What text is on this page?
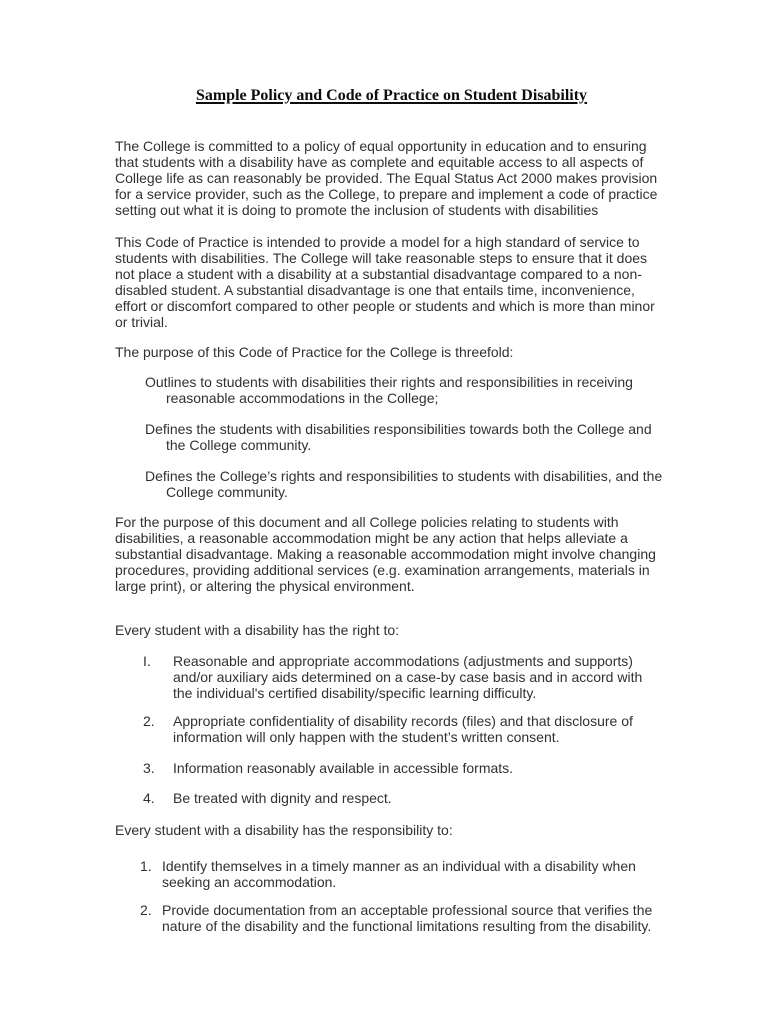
Sample Policy and Code of Practice on Student Disability

The College is committed to a policy of equal opportunity in education and to ensuring that students with a disability have as complete and equitable access to all aspects of College life as can reasonably be provided. The Equal Status Act 2000 makes provision for a service provider, such as the College, to prepare and implement a code of practice setting out what it is doing to promote the inclusion of students with disabilities

This Code of Practice is intended to provide a model for a high standard of service to students with disabilities. The College will take reasonable steps to ensure that it does not place a student with a disability at a substantial disadvantage compared to a non-disabled student. A substantial disadvantage is one that entails time, inconvenience, effort or discomfort compared to other people or students and which is more than minor or trivial.

The purpose of this Code of Practice for the College is threefold:

Outlines to students with disabilities their rights and responsibilities in receiving reasonable accommodations in the College;
Defines the students with disabilities responsibilities towards both the College and the College community.
Defines the College’s rights and responsibilities to students with disabilities, and the College community.

For the purpose of this document and all College policies relating to students with disabilities, a reasonable accommodation might be any action that helps alleviate a substantial disadvantage. Making a reasonable accommodation might involve changing procedures, providing additional services (e.g. examination arrangements, materials in large print), or altering the physical environment.

Every student with a disability has the right to:
I.	Reasonable and appropriate accommodations (adjustments and supports) and/or auxiliary aids determined on a case-by case basis and in accord with the individual's certified disability/specific learning difficulty.
2.	Appropriate confidentiality of disability records (files) and that disclosure of information will only happen with the student’s written consent.
3.	Information reasonably available in accessible formats.
4.	Be treated with dignity and respect.
Every student with a disability has the responsibility to:
1. Identify themselves in a timely manner as an individual with a disability when seeking an accommodation.
2. Provide documentation from an acceptable professional source that verifies the nature of the disability and the functional limitations resulting from the disability.
